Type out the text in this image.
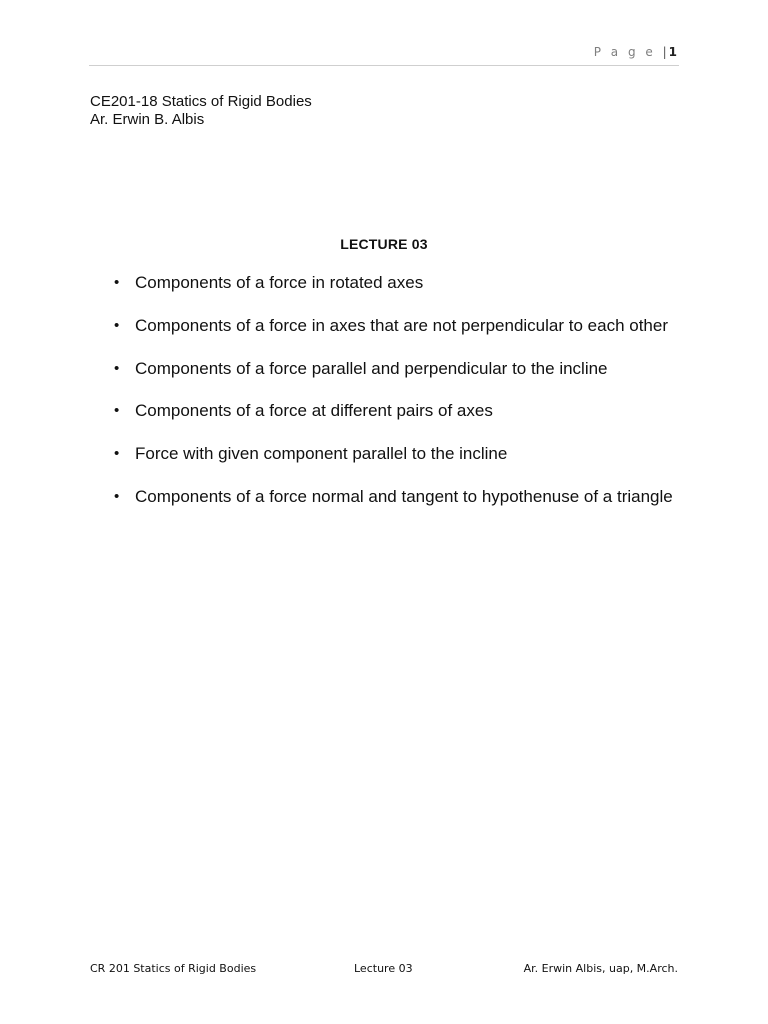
P a g e | 1
CE201-18 Statics of Rigid Bodies
Ar. Erwin B. Albis
LECTURE 03
• Components of a force in rotated axes
• Components of a force in axes that are not perpendicular to each other
• Components of a force parallel and perpendicular to the incline
• Components of a force at different pairs of axes
• Force with given component parallel to the incline
• Components of a force normal and tangent to hypothenuse of a triangle
CR 201 Statics of Rigid Bodies	Lecture 03	Ar. Erwin Albis, uap, M.Arch.
